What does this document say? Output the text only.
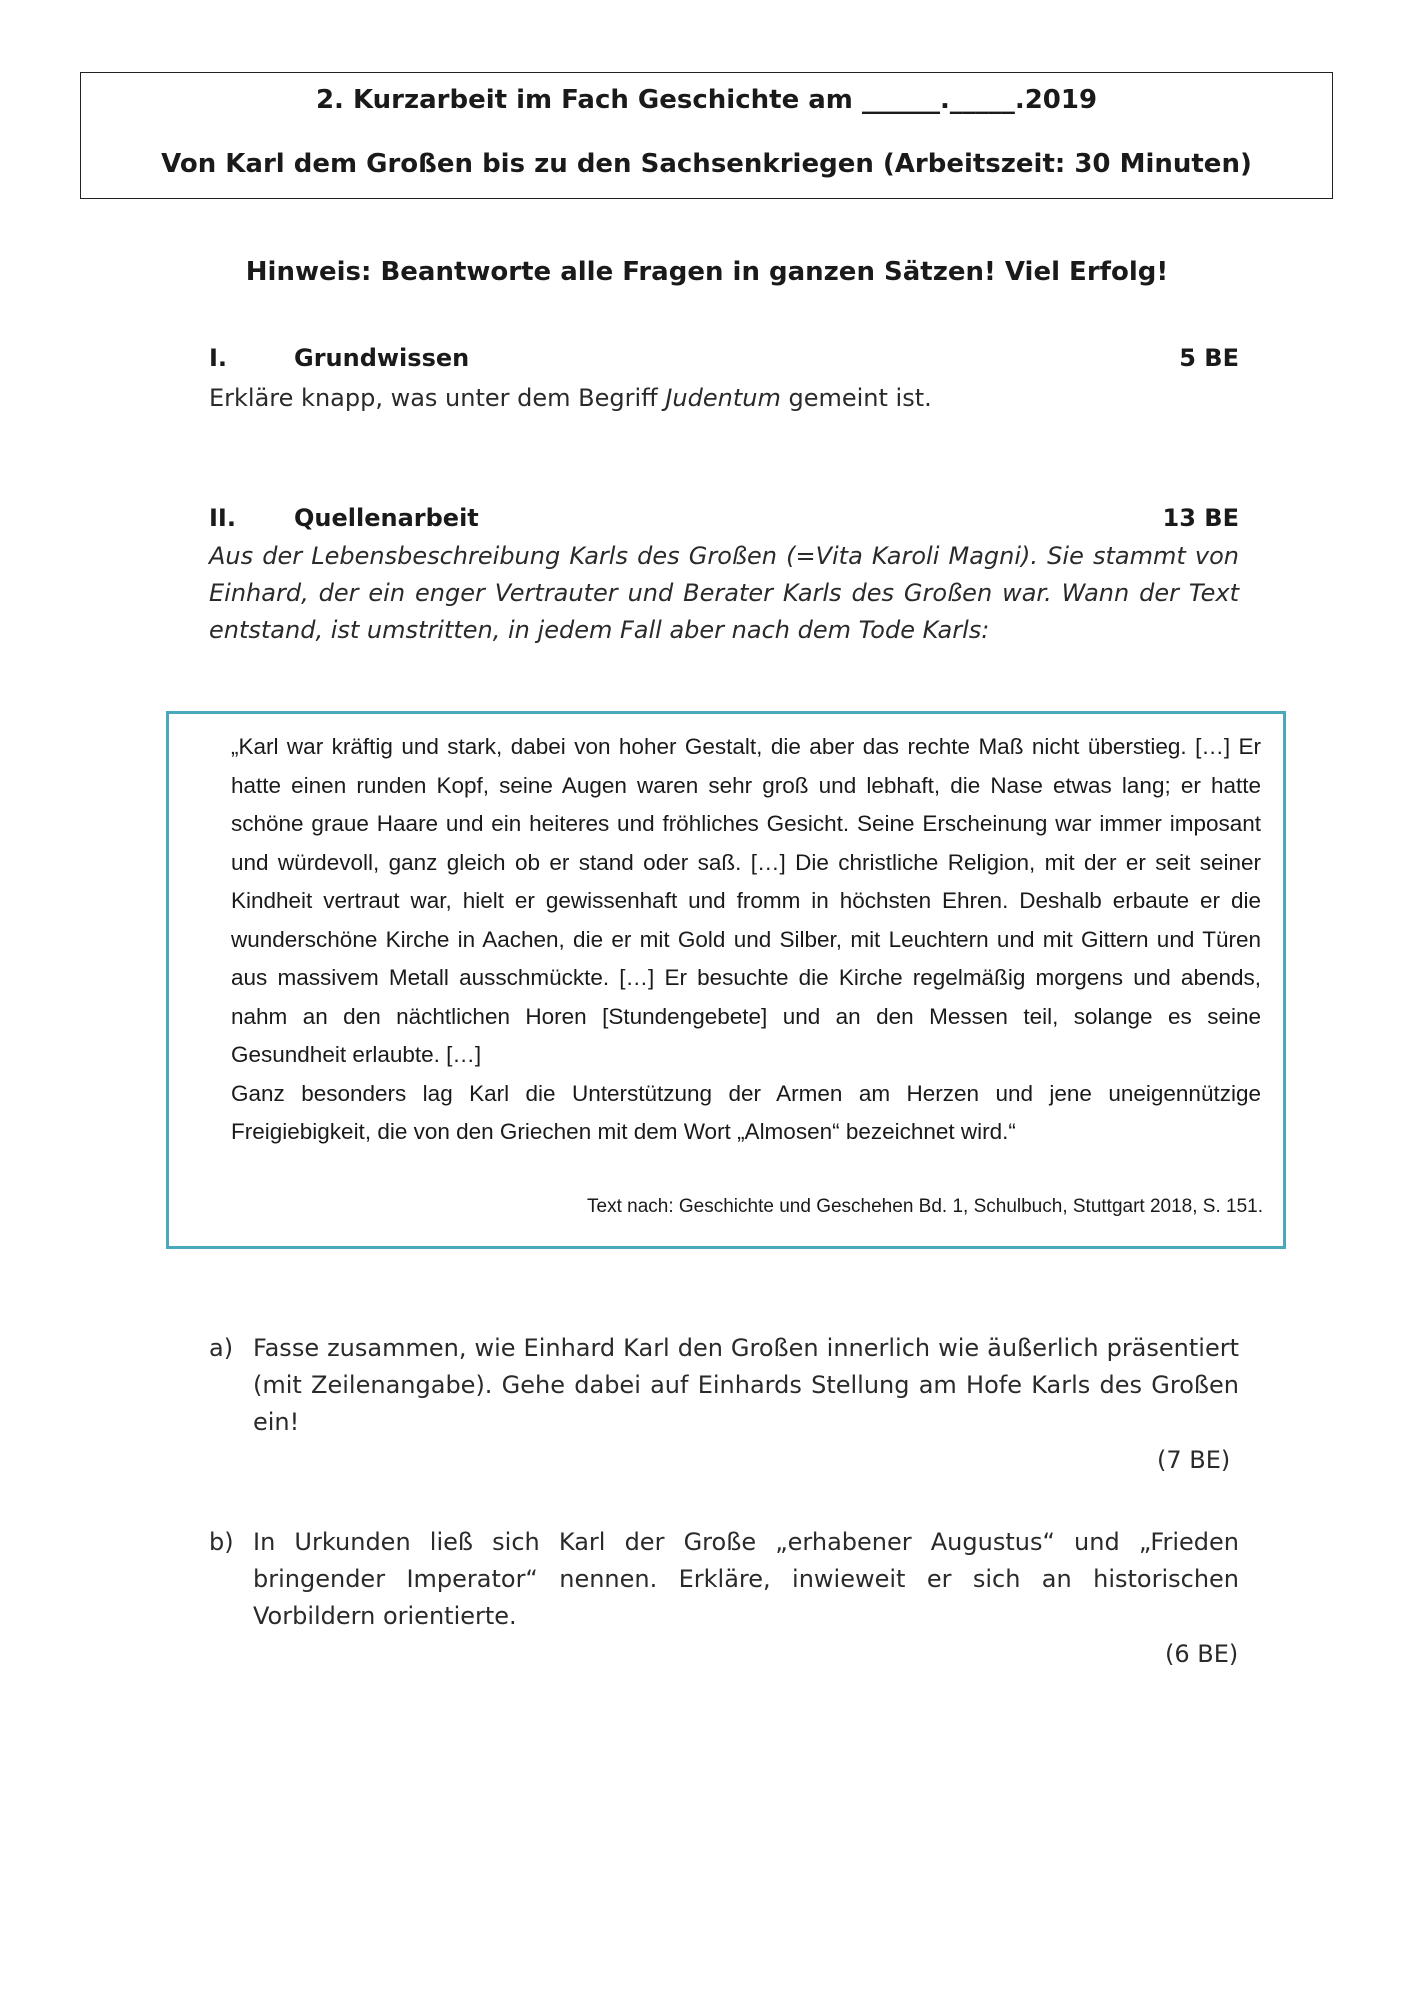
2. Kurzarbeit im Fach Geschichte am ______._____.2019
Von Karl dem Großen bis zu den Sachsenkriegen (Arbeitszeit: 30 Minuten)
Hinweis: Beantworte alle Fragen in ganzen Sätzen! Viel Erfolg!
I.	Grundwissen	5 BE
Erkläre knapp, was unter dem Begriff Judentum gemeint ist.
II. Quellenarbeit	13 BE
Aus der Lebensbeschreibung Karls des Großen (=Vita Karoli Magni). Sie stammt von Einhard, der ein enger Vertrauter und Berater Karls des Großen war. Wann der Text entstand, ist umstritten, in jedem Fall aber nach dem Tode Karls:

„Karl war kräftig und stark, dabei von hoher Gestalt, die aber das rechte Maß nicht überstieg. […] Er hatte einen runden Kopf, seine Augen waren sehr groß und lebhaft, die Nase etwas lang; er hatte schöne graue Haare und ein heiteres und fröhliches Gesicht. Seine Erscheinung war immer imposant und würdevoll, ganz gleich ob er stand oder saß. […] Die christliche Religion, mit der er seit seiner Kindheit vertraut war, hielt er gewissenhaft und fromm in höchsten Ehren. Deshalb erbaute er die wunderschöne Kirche in Aachen, die er mit Gold und Silber, mit Leuchtern und mit Gittern und Türen aus massivem Metall ausschmückte. […] Er besuchte die Kirche regelmäßig morgens und abends, nahm an den nächtlichen Horen [Stundengebete] und an den Messen teil, solange es seine Gesundheit erlaubte. […]

Ganz besonders lag Karl die Unterstützung der Armen am Herzen und jene uneigennützige Freigiebigkeit, die von den Griechen mit dem Wort „Almosen“ bezeichnet wird.“

Text nach: Geschichte und Geschehen Bd. 1, Schulbuch, Stuttgart 2018, S. 151.
a) Fasse zusammen, wie Einhard Karl den Großen innerlich wie äußerlich präsentiert (mit Zeilenangabe). Gehe dabei auf Einhards Stellung am Hofe Karls des Großen ein!
(7 BE)
b) In Urkunden ließ sich Karl der Große „erhabener Augustus“ und „Frieden bringender Imperator“ nennen. Erkläre, inwieweit er sich an historischen Vorbildern orientierte.
(6 BE)
